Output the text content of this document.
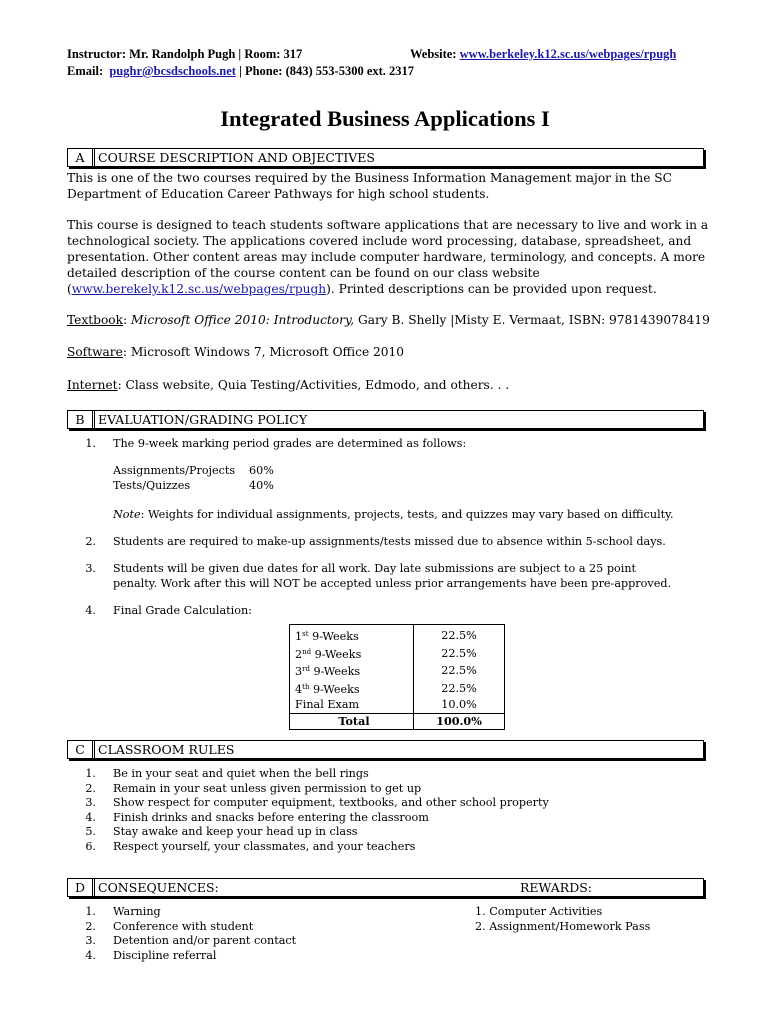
Instructor: Mr. Randolph Pugh | Room: 317	Website: www.berkeley.k12.sc.us/webpages/rpugh
Email: pughr@bcsdschools.net | Phone: (843) 553-5300 ext. 2317
Integrated Business Applications I
A	COURSE DESCRIPTION AND OBJECTIVES
This is one of the two courses required by the Business Information Management major in the SC Department of Education Career Pathways for high school students.
This course is designed to teach students software applications that are necessary to live and work in a technological society. The applications covered include word processing, database, spreadsheet, and presentation. Other content areas may include computer hardware, terminology, and concepts. A more detailed description of the course content can be found on our class website (www.berekely.k12.sc.us/webpages/rpugh). Printed descriptions can be provided upon request.
Textbook: Microsoft Office 2010: Introductory, Gary B. Shelly |Misty E. Vermaat, ISBN: 9781439078419
Software: Microsoft Windows 7, Microsoft Office 2010
Internet: Class website, Quia Testing/Activities, Edmodo, and others. . .
B	EVALUATION/GRADING POLICY
1. The 9-week marking period grades are determined as follows:
Assignments/Projects 60%
Tests/Quizzes	40%
Note: Weights for individual assignments, projects, tests, and quizzes may vary based on difficulty.
2. Students are required to make-up assignments/tests missed due to absence within 5-school days.
3. Students will be given due dates for all work. Day late submissions are subject to a 25 point penalty. Work after this will NOT be accepted unless prior arrangements have been pre-approved.
4. Final Grade Calculation:
1st 9-Weeks	22.5%
2nd 9-Weeks	22.5%
3rd 9-Weeks	22.5%
4th 9-Weeks	22.5%
Final Exam	10.0%
Total	100.0%
C	CLASSROOM RULES
1. Be in your seat and quiet when the bell rings
2. Remain in your seat unless given permission to get up
3. Show respect for computer equipment, textbooks, and other school property
4. Finish drinks and snacks before entering the classroom
5. Stay awake and keep your head up in class
6. Respect yourself, your classmates, and your teachers
D	CONSEQUENCES:	REWARDS:
1. Warning
2. Conference with student
3. Detention and/or parent contact
4. Discipline referral
1. Computer Activities
2. Assignment/Homework Pass
